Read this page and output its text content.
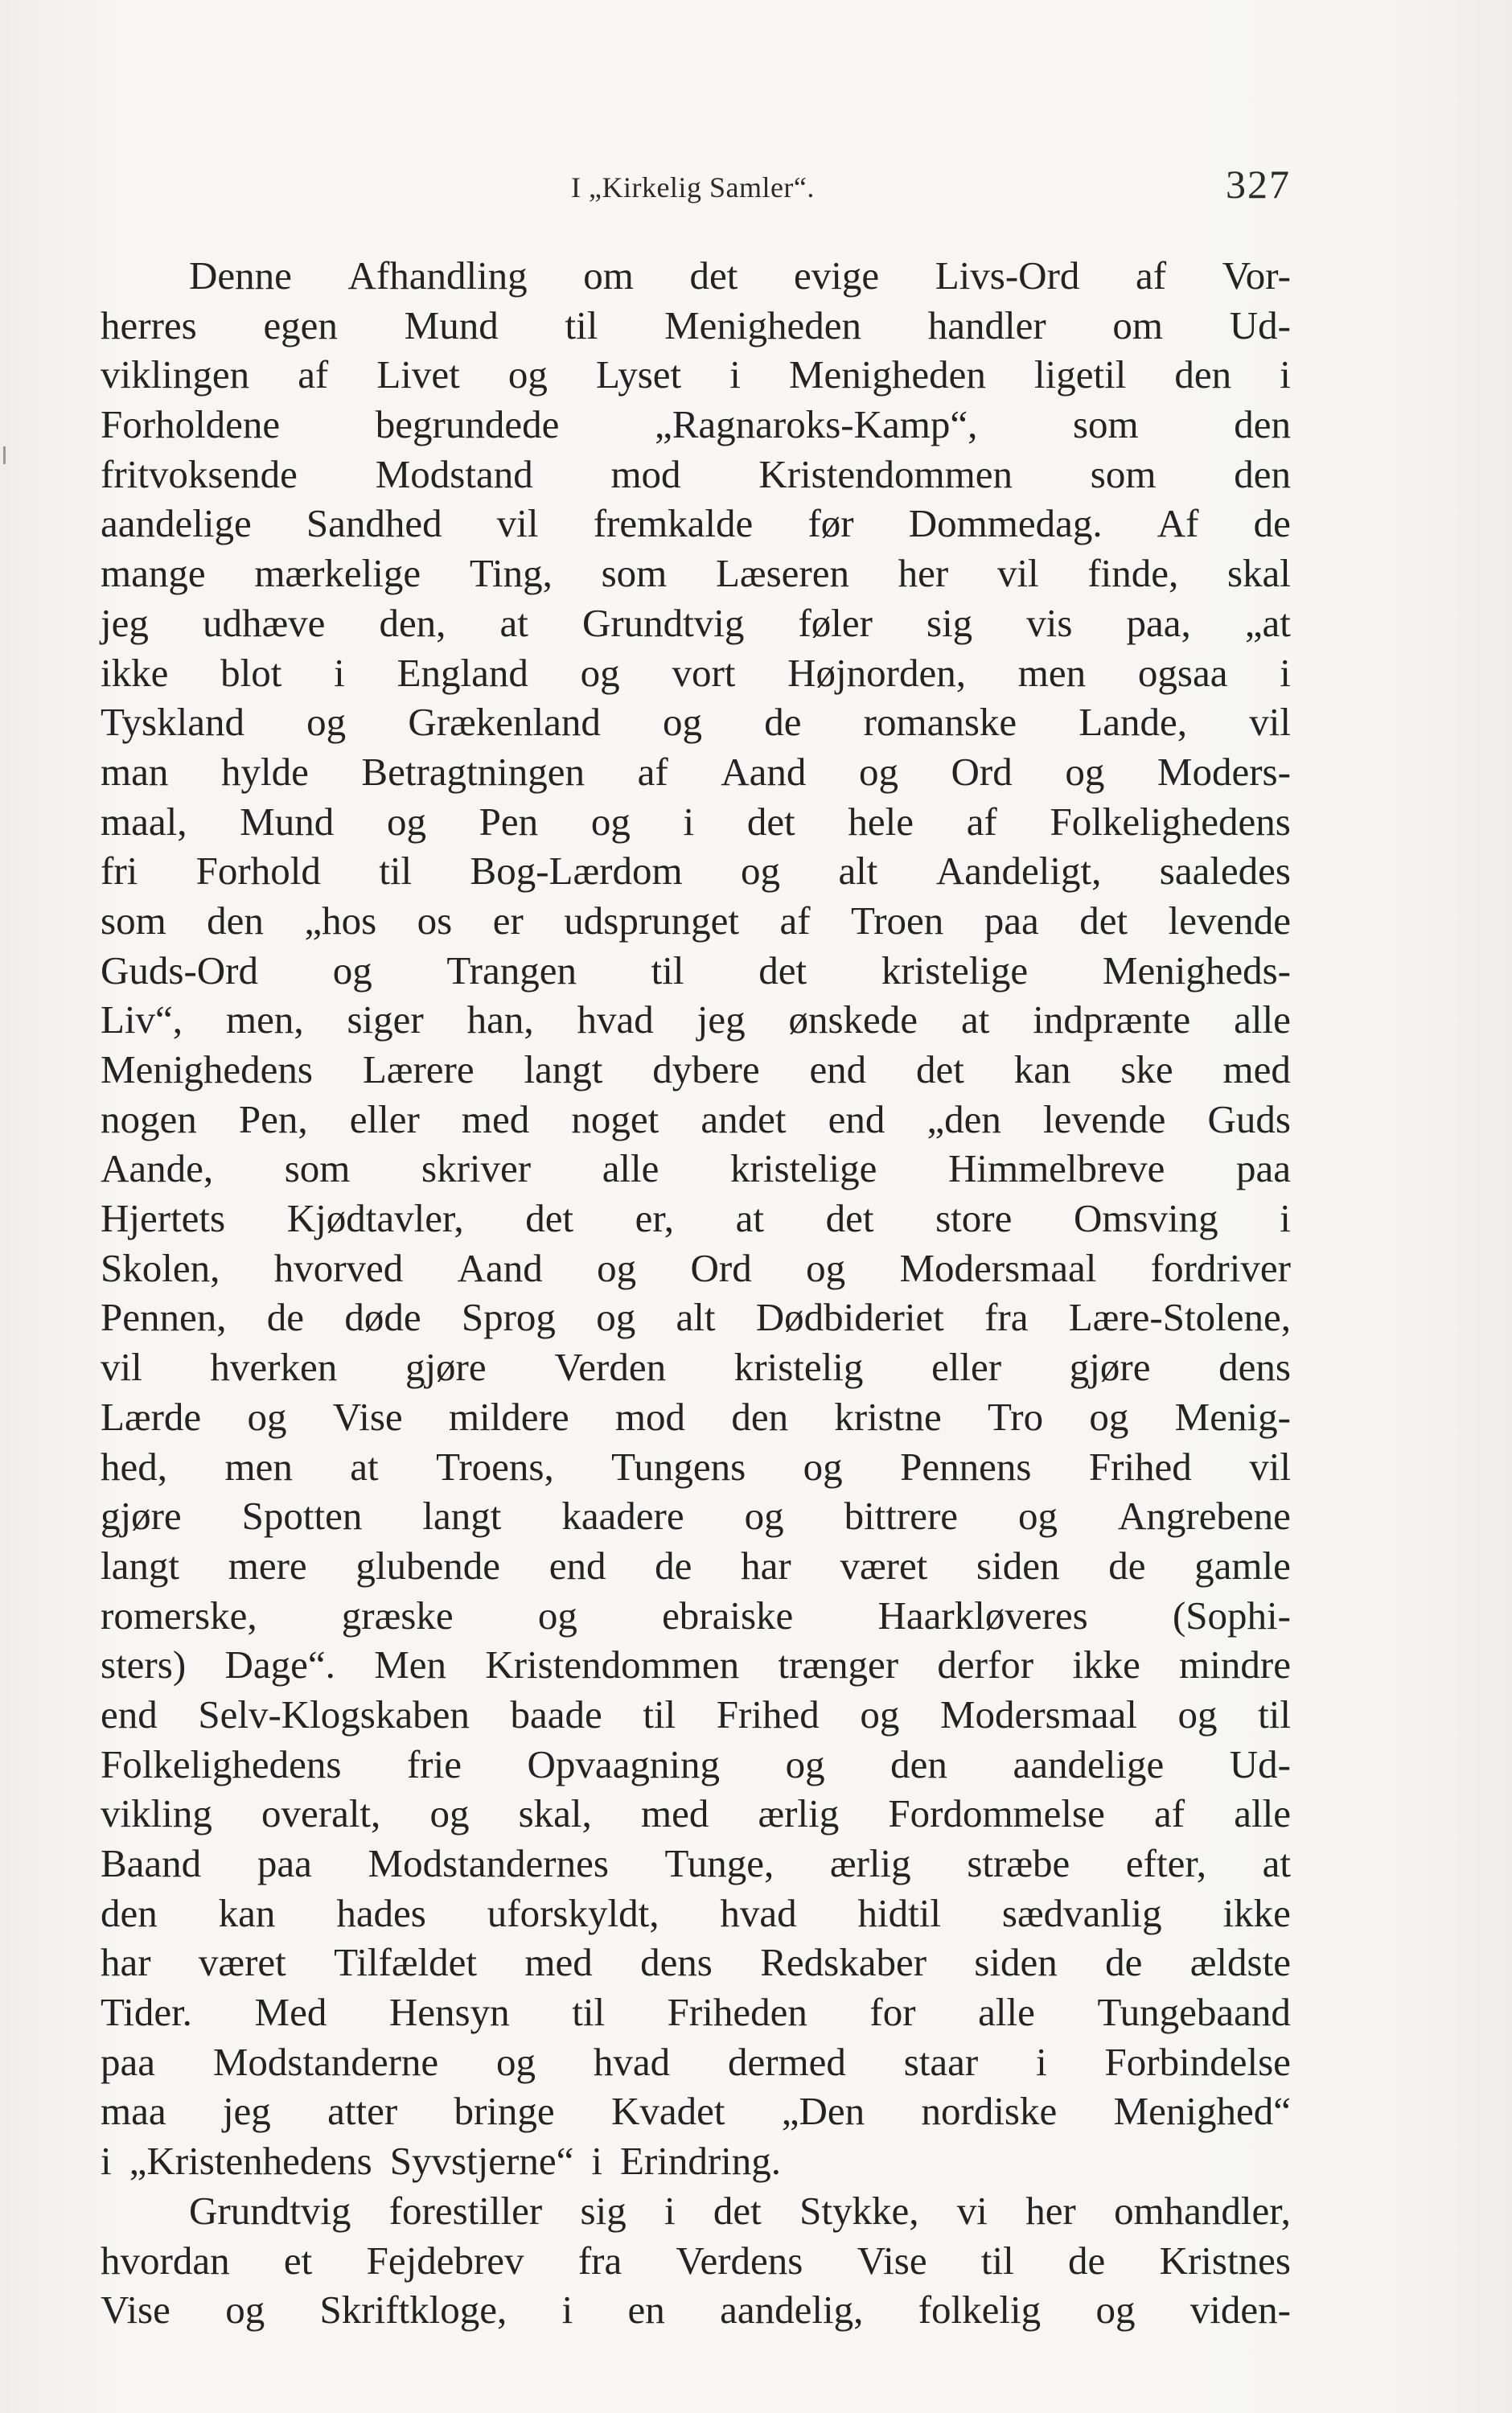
I „Kirkelig Samler“.	327
Denne Afhandling om det evige Livs-Ord af Vor-
herres egen Mund til Menigheden handler om Ud-
viklingen af Livet og Lyset i Menigheden ligetil den i
Forholdene begrundede „Ragnaroks-Kamp“, som den
fritvoksende Modstand mod Kristendommen som den
aandelige Sandhed vil fremkalde før Dommedag. Af de
mange mærkelige Ting, som Læseren her vil finde, skal
jeg udhæve den, at Grundtvig føler sig vis paa, „at
ikke blot i England og vort Højnorden, men ogsaa i
Tyskland og Grækenland og de romanske Lande, vil
man hylde Betragtningen af Aand og Ord og Moders-
maal, Mund og Pen og i det hele af Folkelighedens
fri Forhold til Bog-Lærdom og alt Aandeligt, saaledes
som den „hos os er udsprunget af Troen paa det levende
Guds-Ord og Trangen til det kristelige Menigheds-
Liv“, men, siger han, hvad jeg ønskede at indprænte alle
Menighedens Lærere langt dybere end det kan ske med
nogen Pen, eller med noget andet end „den levende Guds
Aande, som skriver alle kristelige Himmelbreve paa
Hjertets Kjødtavler, det er, at det store Omsving i
Skolen, hvorved Aand og Ord og Modersmaal fordriver
Pennen, de døde Sprog og alt Dødbideriet fra Lære-Stolene,
vil hverken gjøre Verden kristelig eller gjøre dens
Lærde og Vise mildere mod den kristne Tro og Menig-
hed, men at Troens, Tungens og Pennens Frihed vil
gjøre Spotten langt kaadere og bittrere og Angrebene
langt mere glubende end de har været siden de gamle
romerske, græske og ebraiske Haarkløveres (Sophi-
sters) Dage“. Men Kristendommen trænger derfor ikke mindre
end Selv-Klogskaben baade til Frihed og Modersmaal og til
Folkelighedens frie Opvaagning og den aandelige Ud-
vikling overalt, og skal, med ærlig Fordommelse af alle
Baand paa Modstandernes Tunge, ærlig stræbe efter, at
den kan hades uforskyldt, hvad hidtil sædvanlig ikke
har været Tilfældet med dens Redskaber siden de ældste
Tider. Med Hensyn til Friheden for alle Tungebaand
paa Modstanderne og hvad dermed staar i Forbindelse
maa jeg atter bringe Kvadet „Den nordiske Menighed“
i „Kristenhedens Syvstjerne“ i Erindring.
Grundtvig forestiller sig i det Stykke, vi her omhandler,
hvordan et Fejdebrev fra Verdens Vise til de Kristnes
Vise og Skriftkloge, i en aandelig, folkelig og viden-
